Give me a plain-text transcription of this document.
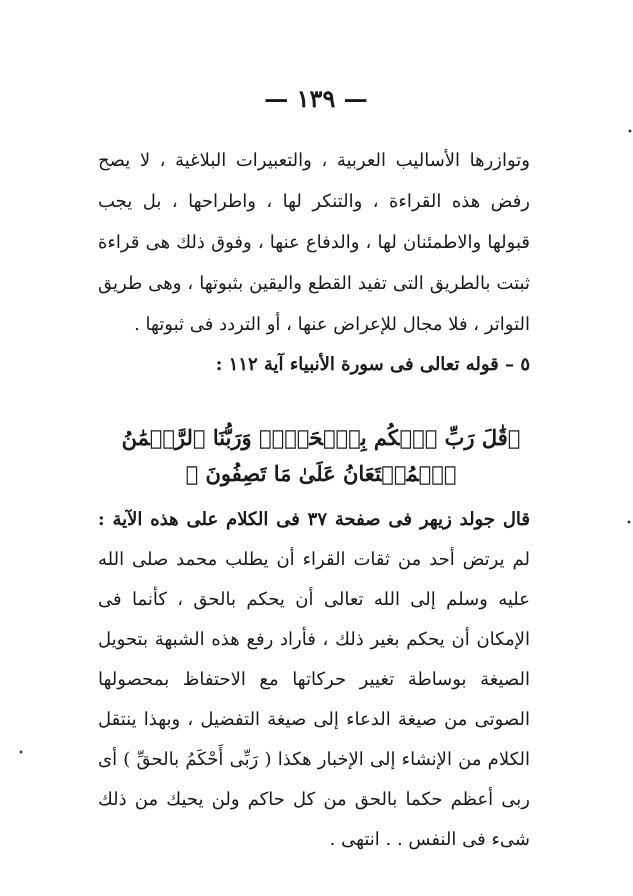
— ١٣٩ —
وتوازرها الأساليب العربية ، والتعبيرات البلاغية ، لا يصح رفض هذه القراءة ، والتنكر لها ، واطراحها ، بل يجب قبولها والاطمئنان لها ، والدفاع عنها ، وفوق ذلك هى قراءة ثبتت بالطريق التى تفيد القطع واليقين بثبوتها ، وهى طريق التواتر ، فلا مجال للإعراض عنها ، أو التردد فى ثبوتها .
٥ – قوله تعالى فى سورة الأنبياء آية ١١٢ :
﴿قَٰلَ رَبِّ ٱحۡكُم بِٱلۡحَقِّۗ وَرَبُّنَا ٱلرَّحۡمَٰنُ ٱلۡمُسۡتَعَانُ عَلَىٰ مَا تَصِفُونَ ﴾
قال جولد زيهر فى صفحة ٣٧ فى الكلام على هذه الآية : لم يرتض أحد من ثقات القراء أن يطلب محمد صلى الله عليه وسلم إلى الله تعالى أن يحكم بالحق ، كأنما فى الإمكان أن يحكم بغير ذلك ، فأراد رفع هذه الشبهة بتحويل الصيغة بوساطة تغيير حركاتها مع الاحتفاظ بمحصولها الصوتى من صيغة الدعاء إلى صيغة التفضيل ، وبهذا ينتقل الكلام من الإنشاء إلى الإخبار هكذا ( رَبِّى أَحْكَمُ بالحقِّ ) أى ربى أعظم حكما بالحق من كل حاكم ولن يحيك من ذلك شىء فى النفس . . انتهى .
•
•
•
